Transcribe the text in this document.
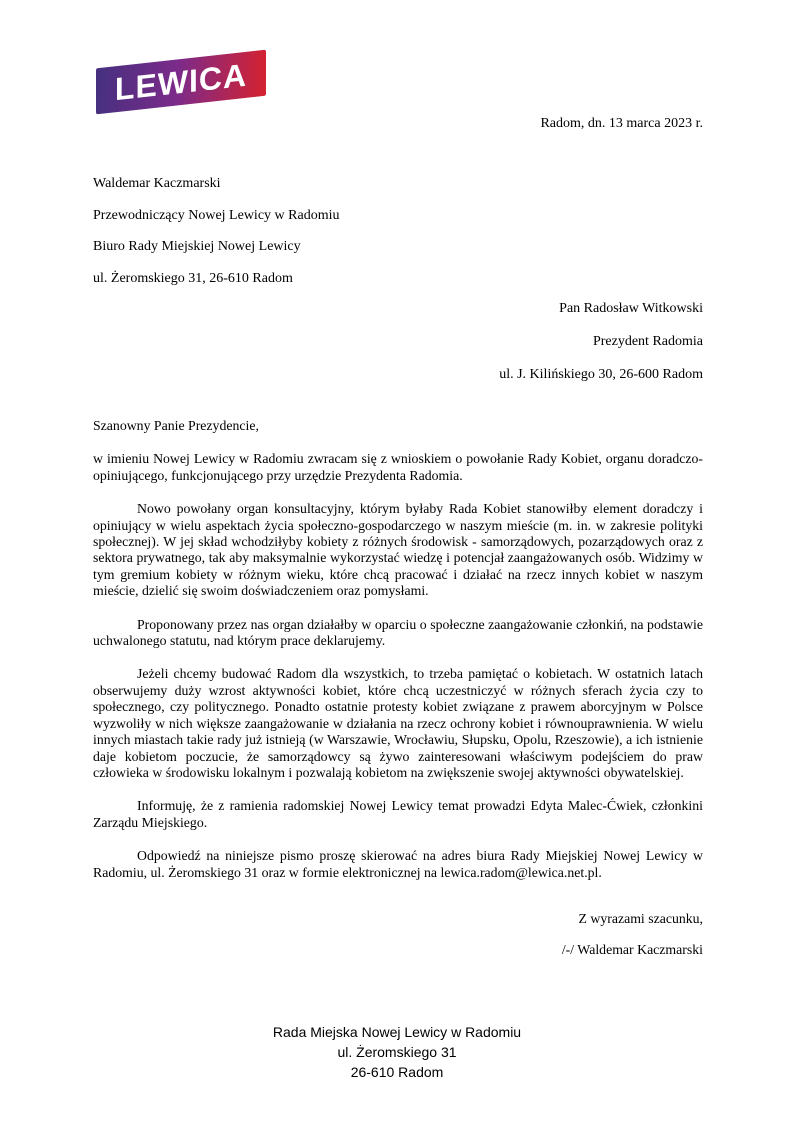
LEWICA
Radom, dn. 13 marca 2023 r.

Waldemar Kaczmarski

Przewodniczący Nowej Lewicy w Radomiu

Biuro Rady Miejskiej Nowej Lewicy

ul. Żeromskiego 31, 26-610 Radom

Pan Radosław Witkowski

Prezydent Radomia

ul. J. Kilińskiego 30, 26-600 Radom

Szanowny Panie Prezydencie,

w imieniu Nowej Lewicy w Radomiu zwracam się z wnioskiem o powołanie Rady Kobiet, organu doradczo-opiniującego, funkcjonującego przy urzędzie Prezydenta Radomia.

Nowo powołany organ konsultacyjny, którym byłaby Rada Kobiet stanowiłby element doradczy i opiniujący w wielu aspektach życia społeczno-gospodarczego w naszym mieście (m. in. w zakresie polityki społecznej). W jej skład wchodziłyby kobiety z różnych środowisk - samorządowych, pozarządowych oraz z sektora prywatnego, tak aby maksymalnie wykorzystać wiedzę i potencjał zaangażowanych osób. Widzimy w tym gremium kobiety w różnym wieku, które chcą pracować i działać na rzecz innych kobiet w naszym mieście, dzielić się swoim doświadczeniem oraz pomysłami.

Proponowany przez nas organ działałby w oparciu o społeczne zaangażowanie członkiń, na podstawie uchwalonego statutu, nad którym prace deklarujemy.

Jeżeli chcemy budować Radom dla wszystkich, to trzeba pamiętać o kobietach. W ostatnich latach obserwujemy duży wzrost aktywności kobiet, które chcą uczestniczyć w różnych sferach życia czy to społecznego, czy politycznego. Ponadto ostatnie protesty kobiet związane z prawem aborcyjnym w Polsce wyzwoliły w nich większe zaangażowanie w działania na rzecz ochrony kobiet i równouprawnienia. W wielu innych miastach takie rady już istnieją (w Warszawie, Wrocławiu, Słupsku, Opolu, Rzeszowie), a ich istnienie daje kobietom poczucie, że samorządowcy są żywo zainteresowani właściwym podejściem do praw człowieka w środowisku lokalnym i pozwalają kobietom na zwiększenie swojej aktywności obywatelskiej.

Informuję, że z ramienia radomskiej Nowej Lewicy temat prowadzi Edyta Malec-Ćwiek, członkini Zarządu Miejskiego.

Odpowiedź na niniejsze pismo proszę skierować na adres biura Rady Miejskiej Nowej Lewicy w Radomiu, ul. Żeromskiego 31 oraz w formie elektronicznej na lewica.radom@lewica.net.pl.

Z wyrazami szacunku,

/-/ Waldemar Kaczmarski

Rada Miejska Nowej Lewicy w Radomiu

ul. Żeromskiego 31

26-610 Radom
